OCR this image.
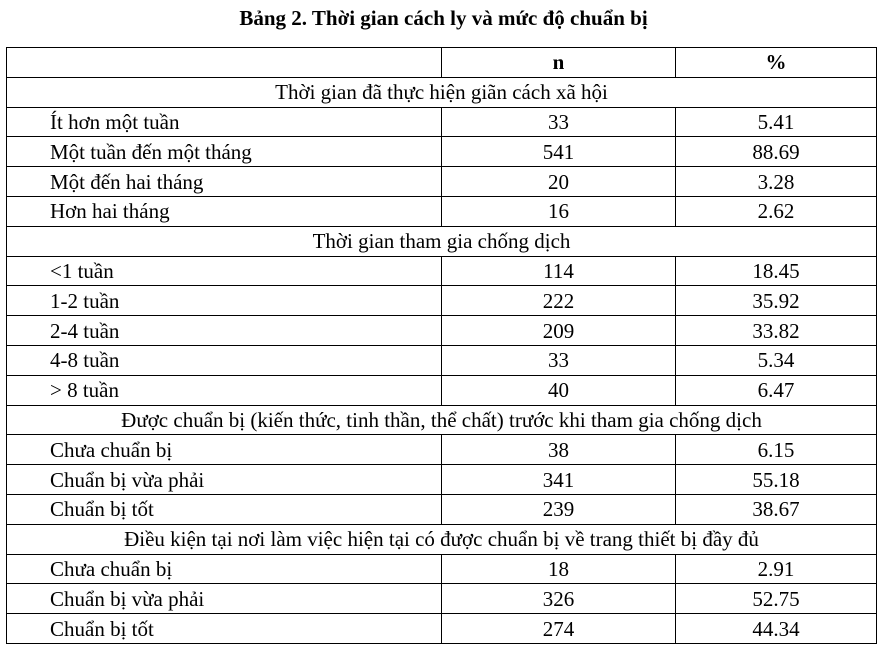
Bảng 2. Thời gian cách ly và mức độ chuẩn bị
	n	%
Thời gian đã thực hiện giãn cách xã hội		
Ít hơn một tuần	33	5.41
Một tuần đến một tháng	541	88.69
Một đến hai tháng	20	3.28
Hơn hai tháng	16	2.62
Thời gian tham gia chống dịch		
<1 tuần	114	18.45
1-2 tuần	222	35.92
2-4 tuần	209	33.82
4-8 tuần	33	5.34
> 8 tuần	40	6.47
Được chuẩn bị (kiến thức, tinh thần, thể chất) trước khi tham gia chống dịch		
Chưa chuẩn bị	38	6.15
Chuẩn bị vừa phải	341	55.18
Chuẩn bị tốt	239	38.67
Điều kiện tại nơi làm việc hiện tại có được chuẩn bị về trang thiết bị đầy đủ		
Chưa chuẩn bị	18	2.91
Chuẩn bị vừa phải	326	52.75
Chuẩn bị tốt	274	44.34
